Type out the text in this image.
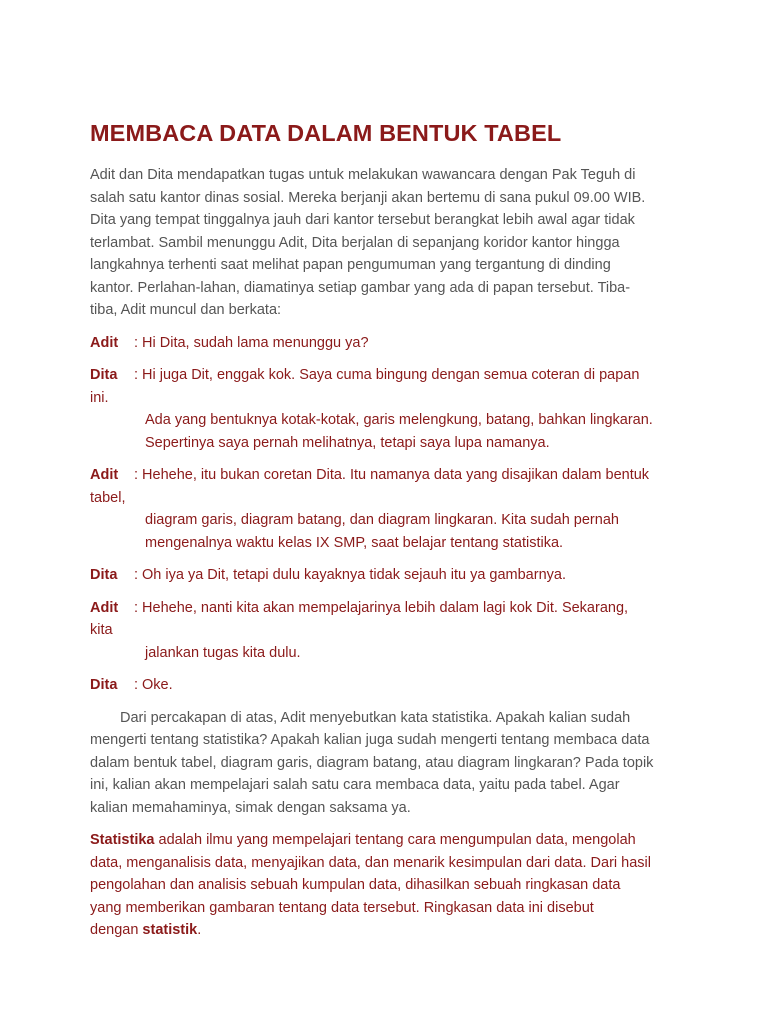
MEMBACA DATA DALAM BENTUK TABEL

Adit dan Dita mendapatkan tugas untuk melakukan wawancara dengan Pak Teguh di
salah satu kantor dinas sosial. Mereka berjanji akan bertemu di sana pukul 09.00 WIB.
Dita yang tempat tinggalnya jauh dari kantor tersebut berangkat lebih awal agar tidak
terlambat. Sambil menunggu Adit, Dita berjalan di sepanjang koridor kantor hingga
langkahnya terhenti saat melihat papan pengumuman yang tergantung di dinding
kantor. Perlahan-lahan, diamatinya setiap gambar yang ada di papan tersebut. Tiba-
tiba, Adit muncul dan berkata:

Adit : Hi Dita, sudah lama menunggu ya?

Dita : Hi juga Dit, enggak kok. Saya cuma bingung dengan semua coteran di papan
ini.
Ada yang bentuknya kotak-kotak, garis melengkung, batang, bahkan lingkaran.
Sepertinya saya pernah melihatnya, tetapi saya lupa namanya.

Adit : Hehehe, itu bukan coretan Dita. Itu namanya data yang disajikan dalam bentuk
tabel,
diagram garis, diagram batang, dan diagram lingkaran. Kita sudah pernah
mengenalnya waktu kelas IX SMP, saat belajar tentang statistika.

Dita : Oh iya ya Dit, tetapi dulu kayaknya tidak sejauh itu ya gambarnya.

Adit : Hehehe, nanti kita akan mempelajarinya lebih dalam lagi kok Dit. Sekarang,
kita
jalankan tugas kita dulu.

Dita : Oke.

Dari percakapan di atas, Adit menyebutkan kata statistika. Apakah kalian sudah
mengerti tentang statistika? Apakah kalian juga sudah mengerti tentang membaca data
dalam bentuk tabel, diagram garis, diagram batang, atau diagram lingkaran? Pada topik
ini, kalian akan mempelajari salah satu cara membaca data, yaitu pada tabel. Agar
kalian memahaminya, simak dengan saksama ya.

Statistika adalah ilmu yang mempelajari tentang cara mengumpulan data, mengolah
data, menganalisis data, menyajikan data, dan menarik kesimpulan dari data. Dari hasil
pengolahan dan analisis sebuah kumpulan data, dihasilkan sebuah ringkasan data
yang memberikan gambaran tentang data tersebut. Ringkasan data ini disebut
dengan statistik.
